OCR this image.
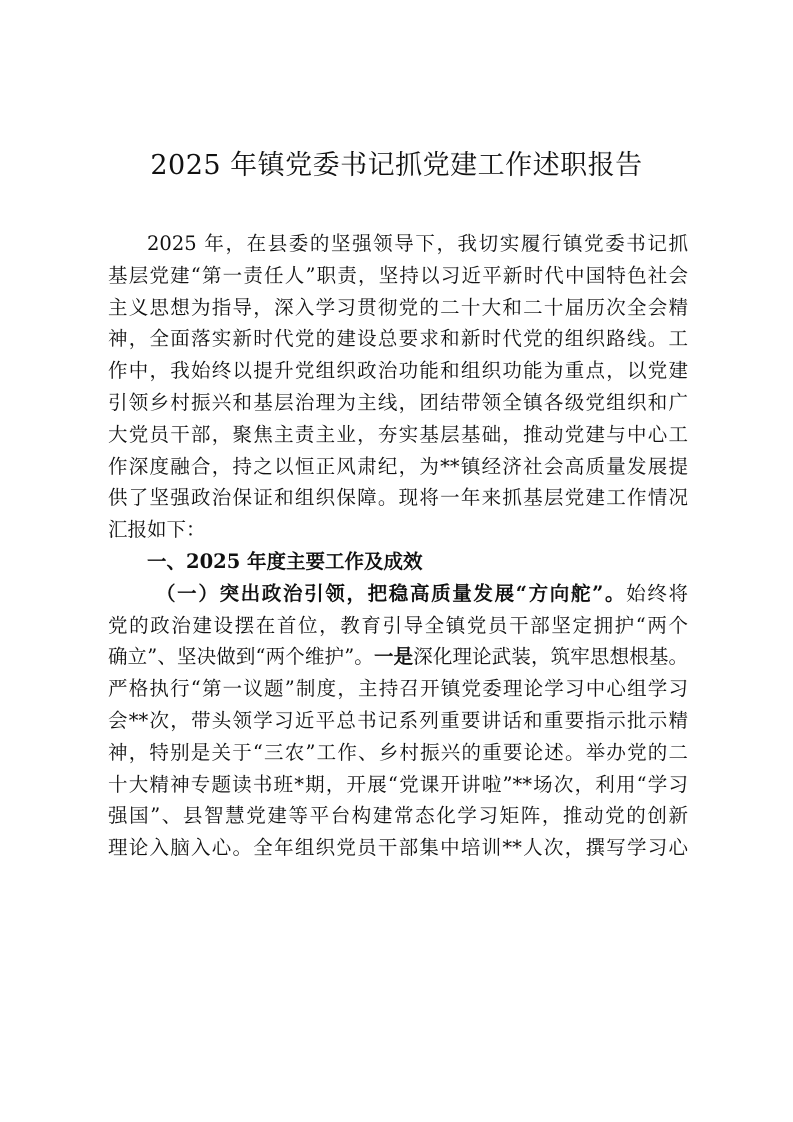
2025 年镇党委书记抓党建工作述职报告
2025 年，在县委的坚强领导下，我切实履行镇党委书记抓
基层党建“第一责任人”职责，坚持以习近平新时代中国特色社会
主义思想为指导，深入学习贯彻党的二十大和二十届历次全会精
神，全面落实新时代党的建设总要求和新时代党的组织路线。工
作中，我始终以提升党组织政治功能和组织功能为重点，以党建
引领乡村振兴和基层治理为主线，团结带领全镇各级党组织和广
大党员干部，聚焦主责主业，夯实基层基础，推动党建与中心工
作深度融合，持之以恒正风肃纪，为**镇经济社会高质量发展提
供了坚强政治保证和组织保障。现将一年来抓基层党建工作情况
汇报如下：
一、2025 年度主要工作及成效
（一）突出政治引领，把稳高质量发展“方向舵”。始终将
党的政治建设摆在首位，教育引导全镇党员干部坚定拥护“两个
确立”、坚决做到“两个维护”。一是深化理论武装，筑牢思想根基。
严格执行“第一议题”制度，主持召开镇党委理论学习中心组学习
会**次，带头领学习近平总书记系列重要讲话和重要指示批示精
神，特别是关于“三农”工作、乡村振兴的重要论述。举办党的二
十大精神专题读书班*期，开展“党课开讲啦”**场次，利用“学习
强国”、县智慧党建等平台构建常态化学习矩阵，推动党的创新
理论入脑入心。全年组织党员干部集中培训**人次，撰写学习心
